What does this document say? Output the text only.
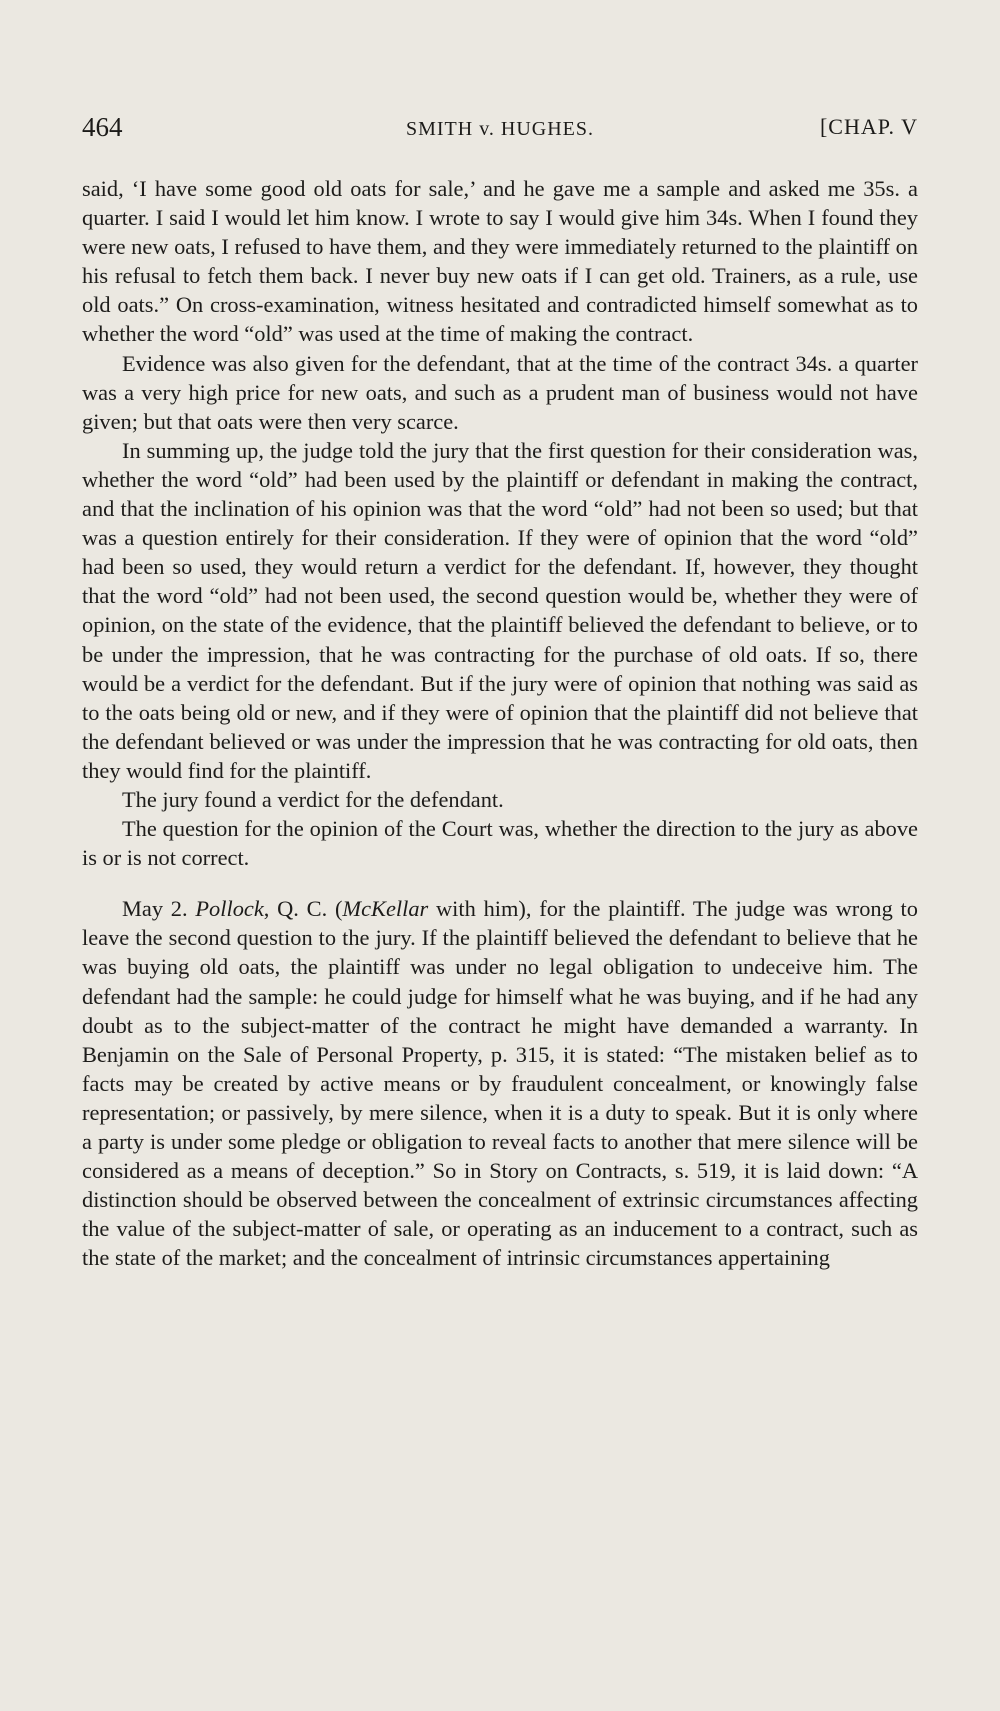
464	SMITH v. HUGHES.	[CHAP. V

said, ‘I have some good old oats for sale,’ and he gave me a sample and asked me 35s. a quarter. I said I would let him know. I wrote to say I would give him 34s. When I found they were new oats, I refused to have them, and they were immediately returned to the plaintiff on his refusal to fetch them back. I never buy new oats if I can get old. Trainers, as a rule, use old oats.” On cross-examination, witness hesitated and contradicted himself somewhat as to whether the word “old” was used at the time of making the contract.

Evidence was also given for the defendant, that at the time of the contract 34s. a quarter was a very high price for new oats, and such as a prudent man of business would not have given; but that oats were then very scarce.

In summing up, the judge told the jury that the first question for their consideration was, whether the word “old” had been used by the plaintiff or defendant in making the contract, and that the inclination of his opinion was that the word “old” had not been so used; but that was a question entirely for their consideration. If they were of opinion that the word “old” had been so used, they would return a verdict for the defendant. If, however, they thought that the word “old” had not been used, the second question would be, whether they were of opinion, on the state of the evidence, that the plaintiff believed the defendant to believe, or to be under the impression, that he was contracting for the purchase of old oats. If so, there would be a verdict for the defendant. But if the jury were of opinion that nothing was said as to the oats being old or new, and if they were of opinion that the plaintiff did not believe that the defendant believed or was under the impression that he was contracting for old oats, then they would find for the plaintiff.

The jury found a verdict for the defendant.

The question for the opinion of the Court was, whether the direction to the jury as above is or is not correct.

May 2. Pollock, Q. C. (McKellar with him), for the plaintiff. The judge was wrong to leave the second question to the jury. If the plaintiff believed the defendant to believe that he was buying old oats, the plaintiff was under no legal obligation to undeceive him. The defendant had the sample: he could judge for himself what he was buying, and if he had any doubt as to the subject-matter of the contract he might have demanded a warranty. In Benjamin on the Sale of Personal Property, p. 315, it is stated: “The mistaken belief as to facts may be created by active means or by fraudulent concealment, or knowingly false representation; or passively, by mere silence, when it is a duty to speak. But it is only where a party is under some pledge or obligation to reveal facts to another that mere silence will be considered as a means of deception.” So in Story on Contracts, s. 519, it is laid down: “A distinction should be observed between the concealment of extrinsic circumstances affecting the value of the subject-matter of sale, or operating as an inducement to a contract, such as the state of the market; and the concealment of intrinsic circumstances appertaining
